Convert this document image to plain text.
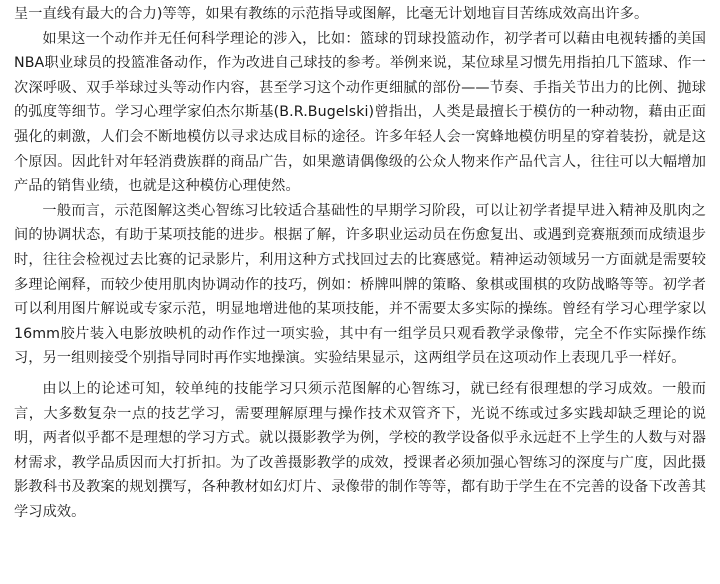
呈一直线有最大的合力)等等，如果有教练的示范指导或图解，比毫无计划地盲目苦练成效高出许多。

如果这一个动作并无任何科学理论的涉入，比如：篮球的罚球投篮动作，初学者可以藉由电视转播的美国NBA职业球员的投篮准备动作，作为改进自己球技的参考。举例来说，某位球星习惯先用指拍几下篮球、作一次深呼吸、双手举球过头等动作内容，甚至学习这个动作更细腻的部份——节奏、手指关节出力的比例、抛球的弧度等细节。学习心理学家伯杰尔斯基(B.R.Bugelski)曾指出，人类是最擅长于模仿的一种动物，藉由正面强化的刺激，人们会不断地模仿以寻求达成目标的途径。许多年轻人会一窝蜂地模仿明星的穿着装扮，就是这个原因。因此针对年轻消费族群的商品广告，如果邀请偶像级的公众人物来作产品代言人，往往可以大幅增加产品的销售业绩，也就是这种模仿心理使然。

一般而言，示范图解这类心智练习比较适合基础性的早期学习阶段，可以让初学者提早进入精神及肌肉之间的协调状态，有助于某项技能的进步。根据了解，许多职业运动员在伤愈复出、或遇到竞赛瓶颈而成绩退步时，往往会检视过去比赛的记录影片，利用这种方式找回过去的比赛感觉。精神运动领域另一方面就是需要较多理论阐释，而较少使用肌肉协调动作的技巧，例如：桥牌叫牌的策略、象棋或围棋的攻防战略等等。初学者可以利用图片解说或专家示范，明显地增进他的某项技能，并不需要太多实际的操练。曾经有学习心理学家以16mm胶片装入电影放映机的动作作过一项实验，其中有一组学员只观看教学录像带，完全不作实际操作练习，另一组则接受个别指导同时再作实地操演。实验结果显示，这两组学员在这项动作上表现几乎一样好。

由以上的论述可知，较单纯的技能学习只须示范图解的心智练习，就已经有很理想的学习成效。一般而言，大多数复杂一点的技艺学习，需要理解原理与操作技术双管齐下，光说不练或过多实践却缺乏理论的说明，两者似乎都不是理想的学习方式。就以摄影教学为例，学校的教学设备似乎永远赶不上学生的人数与对器材需求，教学品质因而大打折扣。为了改善摄影教学的成效，授课者必须加强心智练习的深度与广度，因此摄影教科书及教案的规划撰写，各种教材如幻灯片、录像带的制作等等，都有助于学生在不完善的设备下改善其学习成效。
